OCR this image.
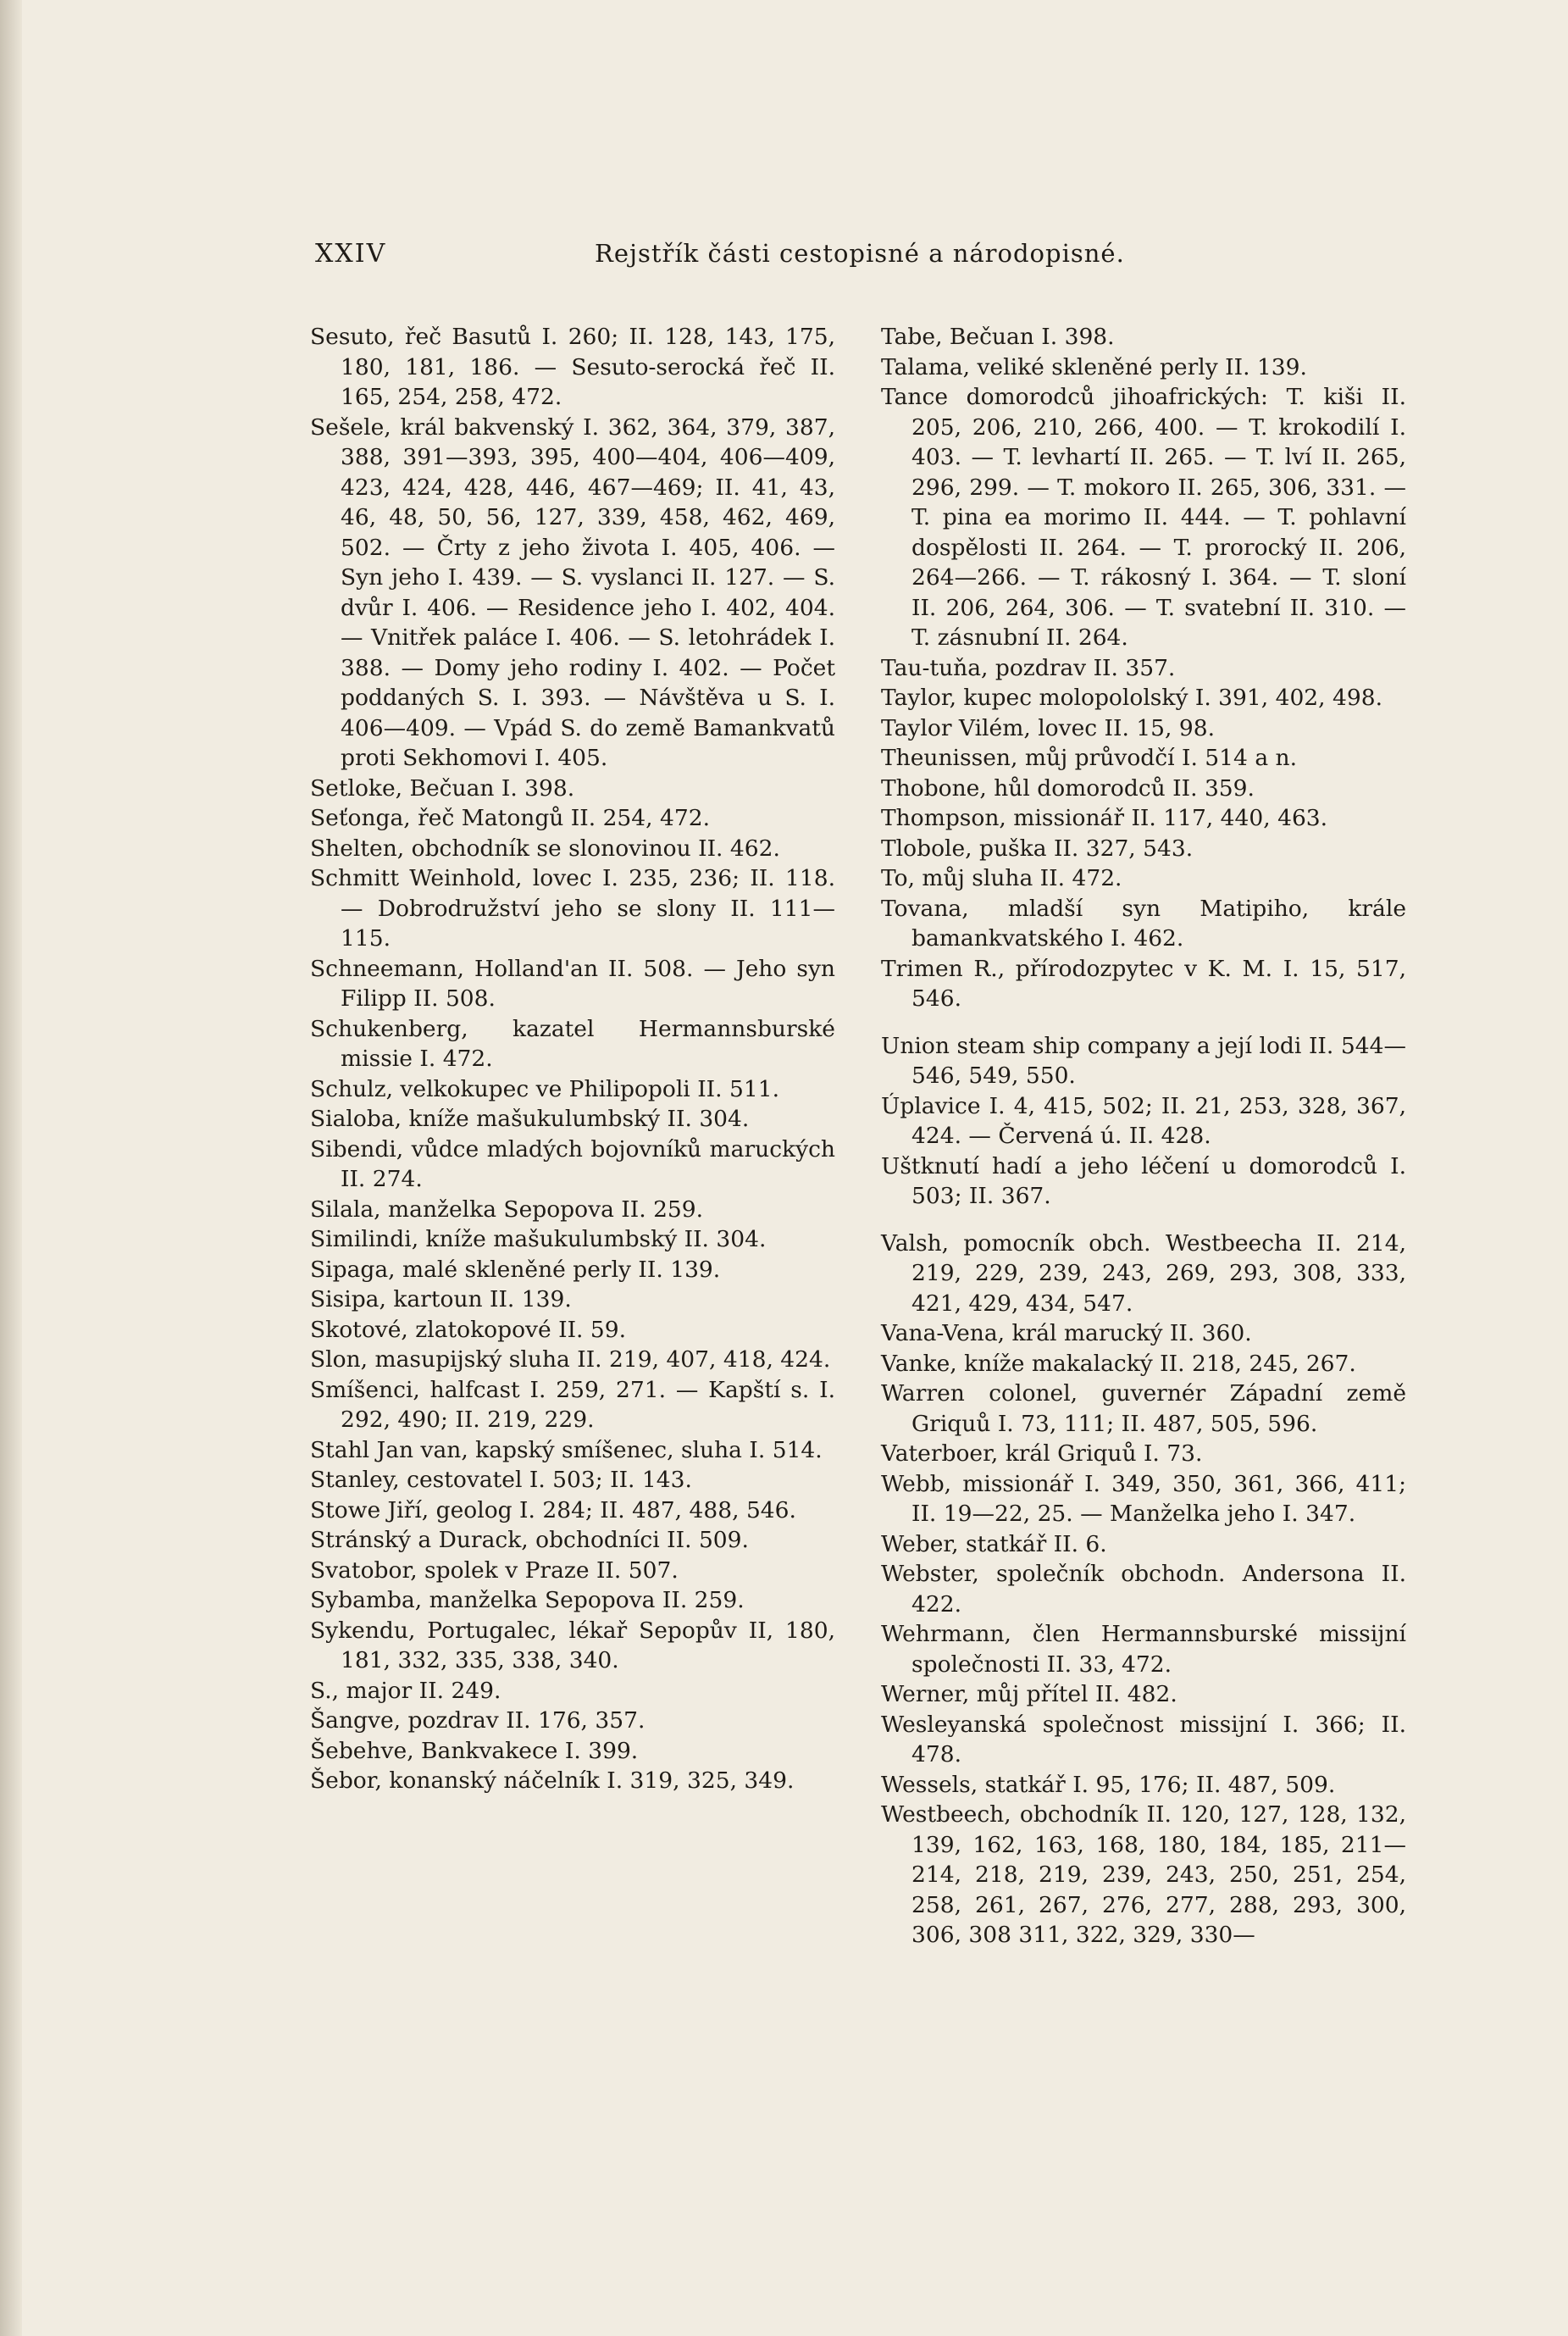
XXIV	Rejstřík části cestopisné a národopisné.

Sesuto, řeč Basutů I. 260; II. 128, 143, 175, 180, 181, 186. — Sesuto-serocká řeč II. 165, 254, 258, 472.

Sešele, král bakvenský I. 362, 364, 379, 387, 388, 391—393, 395, 400—404, 406—409, 423, 424, 428, 446, 467—469; II. 41, 43, 46, 48, 50, 56, 127, 339, 458, 462, 469, 502. — Črty z jeho života I. 405, 406. — Syn jeho I. 439. — S. vyslanci II. 127. — S. dvůr I. 406. — Residence jeho I. 402, 404. — Vnitřek paláce I. 406. — S. letohrádek I. 388. — Domy jeho rodiny I. 402. — Počet poddaných S. I. 393. — Návštěva u S. I. 406—409. — Vpád S. do země Bamankvatů proti Sekhomovi I. 405.

Setloke, Bečuan I. 398.

Seťonga, řeč Matongů II. 254, 472.

Shelten, obchodník se slonovinou II. 462.

Schmitt Weinhold, lovec I. 235, 236; II. 118. — Dobrodružství jeho se slony II. 111—115.

Schneemann, Holland'an II. 508. — Jeho syn Filipp II. 508.

Schukenberg, kazatel Hermannsburské missie I. 472.

Schulz, velkokupec ve Philipopoli II. 511.

Sialoba, kníže mašukulumbský II. 304.

Sibendi, vůdce mladých bojovníků maruckých II. 274.

Silala, manželka Sepopova II. 259.

Similindi, kníže mašukulumbský II. 304.

Sipaga, malé skleněné perly II. 139.

Sisipa, kartoun II. 139.

Skotové, zlatokopové II. 59.

Slon, masupijský sluha II. 219, 407, 418, 424.

Smíšenci, halfcast I. 259, 271. — Kapští s. I. 292, 490; II. 219, 229.

Stahl Jan van, kapský smíšenec, sluha I. 514.

Stanley, cestovatel I. 503; II. 143.

Stowe Jiří, geolog I. 284; II. 487, 488, 546.

Stránský a Durack, obchodníci II. 509.

Svatobor, spolek v Praze II. 507.

Sybamba, manželka Sepopova II. 259.

Sykendu, Portugalec, lékař Sepopův II, 180, 181, 332, 335, 338, 340.

S., major II. 249.

Šangve, pozdrav II. 176, 357.

Šebehve, Bankvakece I. 399.

Šebor, konanský náčelník I. 319, 325, 349.

Tabe, Bečuan I. 398.

Talama, veliké skleněné perly II. 139.

Tance domorodců jihoafrických: T. kiši II. 205, 206, 210, 266, 400. — T. krokodilí I. 403. — T. levhartí II. 265. — T. lví II. 265, 296, 299. — T. mokoro II. 265, 306, 331. — T. pina ea morimo II. 444. — T. pohlavní dospělosti II. 264. — T. prorocký II. 206, 264—266. — T. rákosný I. 364. — T. sloní II. 206, 264, 306. — T. svatební II. 310. — T. zásnubní II. 264.

Tau-tuňa, pozdrav II. 357.

Taylor, kupec molopololský I. 391, 402, 498.

Taylor Vilém, lovec II. 15, 98.

Theunissen, můj průvodčí I. 514 a n.

Thobone, hůl domorodců II. 359.

Thompson, missionář II. 117, 440, 463.

Tlobole, puška II. 327, 543.

To, můj sluha II. 472.

Tovana, mladší syn Matipiho, krále bamankvatského I. 462.

Trimen R., přírodozpytec v K. M. I. 15, 517, 546.

Union steam ship company a její lodi II. 544—546, 549, 550.

Úplavice I. 4, 415, 502; II. 21, 253, 328, 367, 424. — Červená ú. II. 428.

Uštknutí hadí a jeho léčení u domorodců I. 503; II. 367.

Valsh, pomocník obch. Westbeecha II. 214, 219, 229, 239, 243, 269, 293, 308, 333, 421, 429, 434, 547.

Vana-Vena, král marucký II. 360.

Vanke, kníže makalacký II. 218, 245, 267.

Warren colonel, guvernér Západní země Griquů I. 73, 111; II. 487, 505, 596.

Vaterboer, král Griquů I. 73.

Webb, missionář I. 349, 350, 361, 366, 411; II. 19—22, 25. — Manželka jeho I. 347.

Weber, statkář II. 6.

Webster, společník obchodn. Andersona II. 422.

Wehrmann, člen Hermannsburské missijní společnosti II. 33, 472.

Werner, můj přítel II. 482.

Wesleyanská společnost missijní I. 366; II. 478.

Wessels, statkář I. 95, 176; II. 487, 509.

Westbeech, obchodník II. 120, 127, 128, 132, 139, 162, 163, 168, 180, 184, 185, 211—214, 218, 219, 239, 243, 250, 251, 254, 258, 261, 267, 276, 277, 288, 293, 300, 306, 308 311, 322, 329, 330—
